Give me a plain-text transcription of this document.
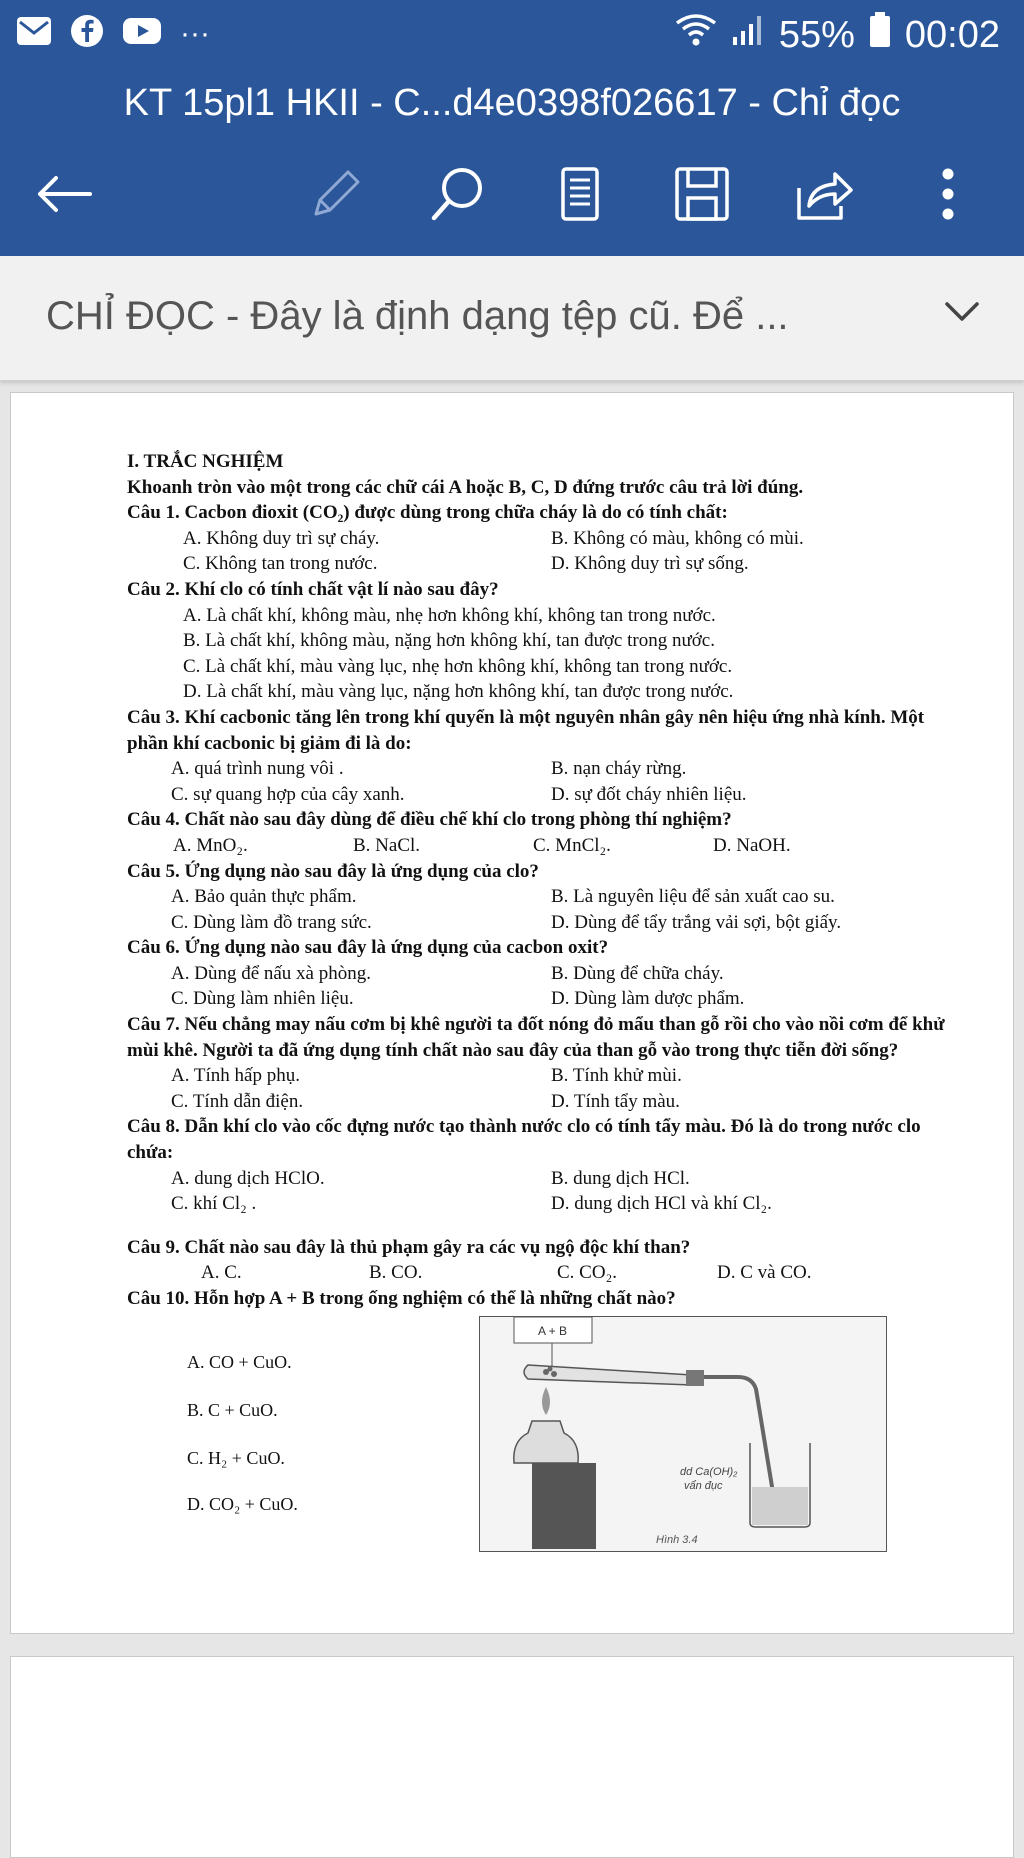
···	55% 00:02
KT 15pl1 HKII - C...d4e0398f026617 - Chỉ đọc
CHỈ ĐỌC - Đây là định dạng tệp cũ. Để ...
I. TRẮC NGHIỆM
Khoanh tròn vào một trong các chữ cái A hoặc B, C, D đứng trước câu trả lời đúng.
Câu 1. Cacbon đioxit (CO₂) được dùng trong chữa cháy là do có tính chất:
A. Không duy trì sự cháy.	B. Không có màu, không có mùi.
C. Không tan trong nước.	D. Không duy trì sự sống.
Câu 2. Khí clo có tính chất vật lí nào sau đây?
A. Là chất khí, không màu, nhẹ hơn không khí, không tan trong nước.
B. Là chất khí, không màu, nặng hơn không khí, tan được trong nước.
C. Là chất khí, màu vàng lục, nhẹ hơn không khí, không tan trong nước.
D. Là chất khí, màu vàng lục, nặng hơn không khí, tan được trong nước.
Câu 3. Khí cacbonic tăng lên trong khí quyển là một nguyên nhân gây nên hiệu ứng nhà kính. Một phần khí cacbonic bị giảm đi là do:
A. quá trình nung vôi .	B. nạn cháy rừng.
C. sự quang hợp của cây xanh.	D. sự đốt cháy nhiên liệu.
Câu 4. Chất nào sau đây dùng để điều chế khí clo trong phòng thí nghiệm?
A. MnO₂.	B. NaCl.	C. MnCl₂.	D. NaOH.
Câu 5. Ứng dụng nào sau đây là ứng dụng của clo?
A. Bảo quản thực phẩm.	B. Là nguyên liệu để sản xuất cao su.
C. Dùng làm đồ trang sức.	D. Dùng để tẩy trắng vải sợi, bột giấy.
Câu 6. Ứng dụng nào sau đây là ứng dụng của cacbon oxit?
A. Dùng để nấu xà phòng.	B. Dùng để chữa cháy.
C. Dùng làm nhiên liệu.	D. Dùng làm dược phẩm.
Câu 7. Nếu chẳng may nấu cơm bị khê người ta đốt nóng đỏ mẩu than gỗ rồi cho vào nồi cơm để khử mùi khê. Người ta đã ứng dụng tính chất nào sau đây của than gỗ vào trong thực tiễn đời sống?
A. Tính hấp phụ.	B. Tính khử mùi.
C. Tính dẫn điện.	D. Tính tẩy màu.
Câu 8. Dẫn khí clo vào cốc đựng nước tạo thành nước clo có tính tẩy màu. Đó là do trong nước clo chứa:
A. dung dịch HClO.	B. dung dịch HCl.
C. khí Cl₂ .	D. dung dịch HCl và khí Cl₂.
Câu 9. Chất nào sau đây là thủ phạm gây ra các vụ ngộ độc khí than?
A. C.	B. CO.	C. CO₂.	D. C và CO.
Câu 10. Hỗn hợp A + B trong ống nghiệm có thể là những chất nào?
A. CO + CuO.
B. C + CuO.
C. H₂ + CuO.
D. CO₂ + CuO.
dd Ca(OH)₂
vẩn đục
Hình 3.4
A + B
